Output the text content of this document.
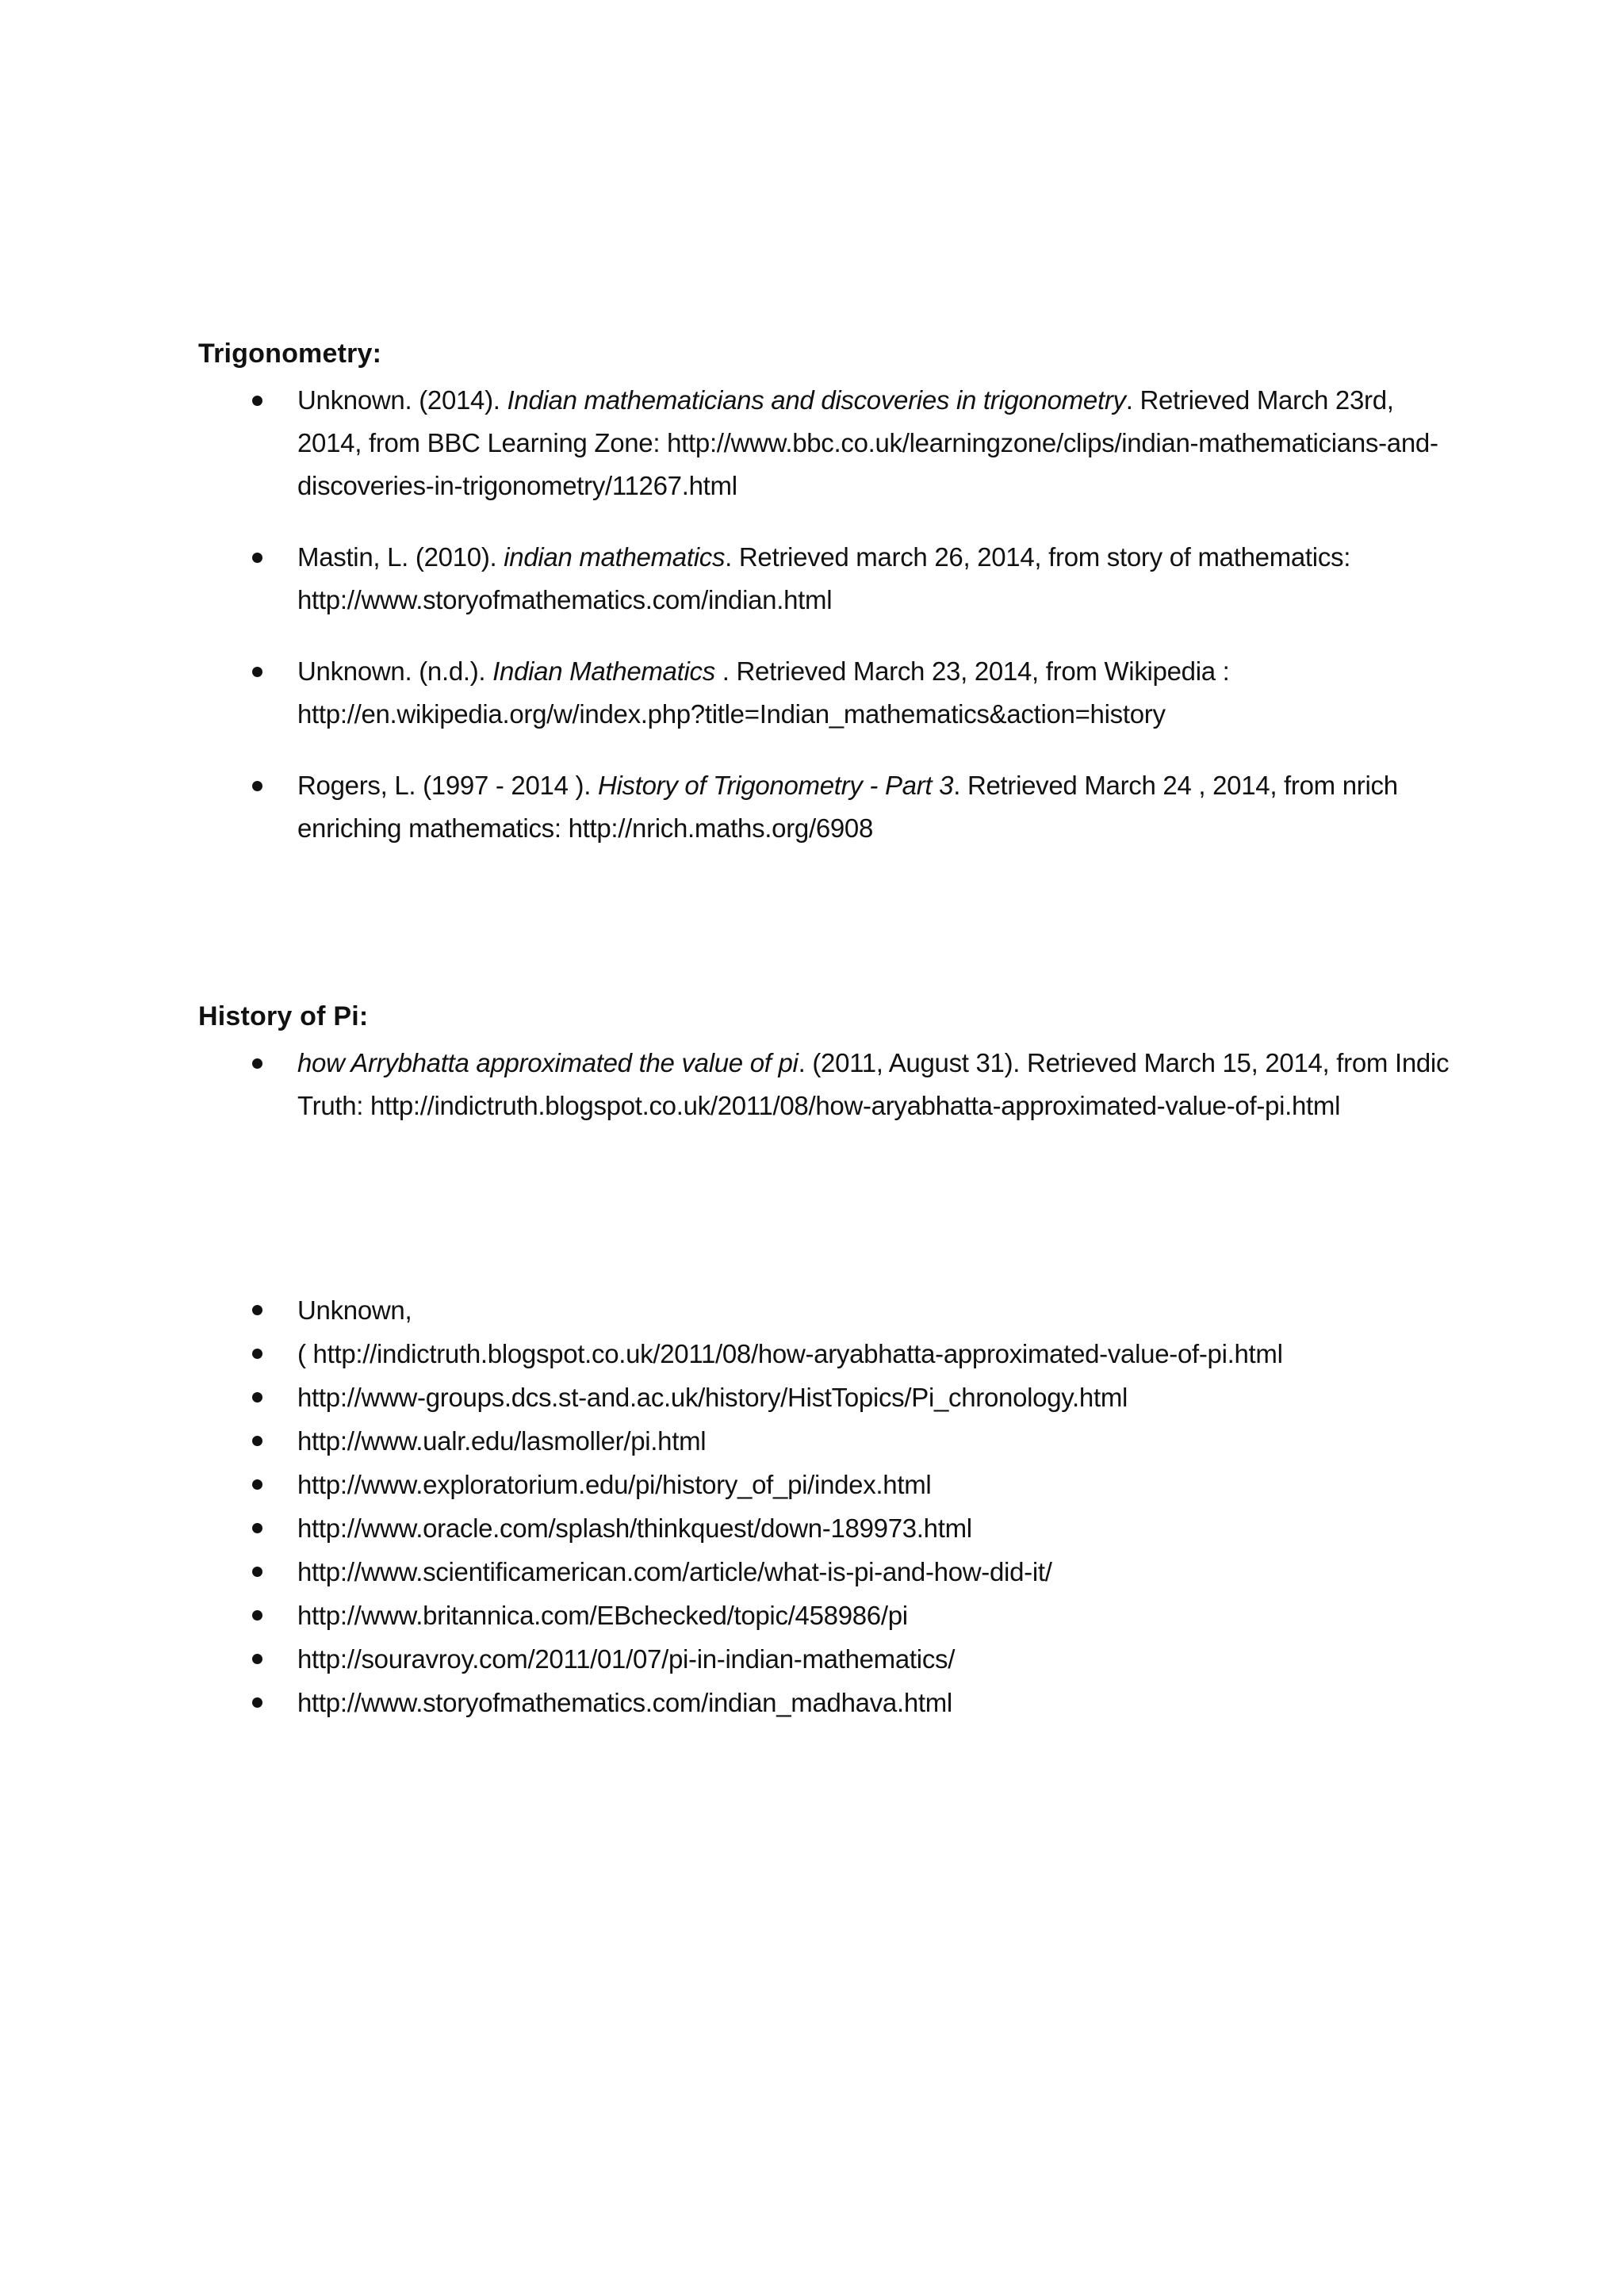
Trigonometry:
Unknown. (2014). Indian mathematicians and discoveries in trigonometry. Retrieved March 23rd, 2014, from BBC Learning Zone: http://www.bbc.co.uk/learningzone/clips/indian-mathematicians-and-discoveries-in-trigonometry/11267.html
Mastin, L. (2010). indian mathematics. Retrieved march 26, 2014, from story of mathematics: http://www.storyofmathematics.com/indian.html
Unknown. (n.d.). Indian Mathematics . Retrieved March 23, 2014, from Wikipedia : http://en.wikipedia.org/w/index.php?title=Indian_mathematics&action=history
Rogers, L. (1997 - 2014 ). History of Trigonometry - Part 3. Retrieved March 24 , 2014, from nrich enriching mathematics: http://nrich.maths.org/6908
History of Pi:
how Arrybhatta approximated the value of pi. (2011, August 31). Retrieved March 15, 2014, from Indic Truth: http://indictruth.blogspot.co.uk/2011/08/how-aryabhatta-approximated-value-of-pi.html
Unknown,
( http://indictruth.blogspot.co.uk/2011/08/how-aryabhatta-approximated-value-of-pi.html
http://www-groups.dcs.st-and.ac.uk/history/HistTopics/Pi_chronology.html
http://www.ualr.edu/lasmoller/pi.html
http://www.exploratorium.edu/pi/history_of_pi/index.html
http://www.oracle.com/splash/thinkquest/down-189973.html
http://www.scientificamerican.com/article/what-is-pi-and-how-did-it/
http://www.britannica.com/EBchecked/topic/458986/pi
http://souravroy.com/2011/01/07/pi-in-indian-mathematics/
http://www.storyofmathematics.com/indian_madhava.html
